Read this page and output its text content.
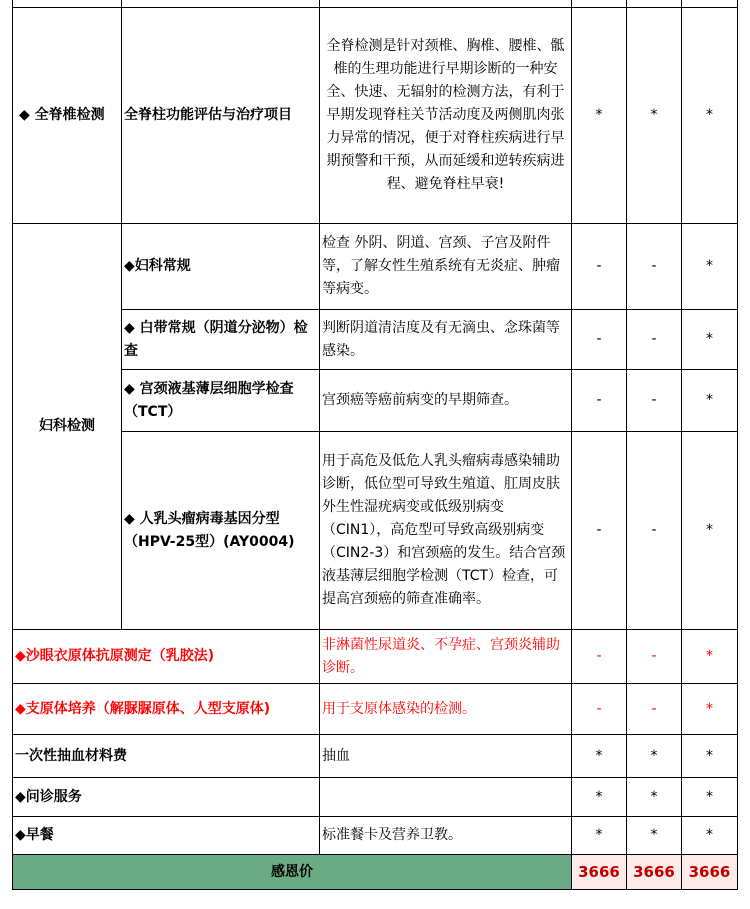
◆ 全脊椎检测	全脊柱功能评估与治疗项目	全脊检测是针对颈椎、胸椎、腰椎、骶椎的生理功能进行早期诊断的一种安全、快速、无辐射的检测方法，有利于早期发现脊柱关节活动度及两侧肌肉张力异常的情况，便于对脊柱疾病进行早期预警和干预，从而延缓和逆转疾病进程、避免脊柱早衰!	*	*	*
妇科检测	◆妇科常规	检查 外阴、阴道、宫颈、子宫及附件等，了解女性生殖系统有无炎症、肿瘤等病变。	-	-	*
	◆ 白带常规（阴道分泌物）检查	判断阴道清洁度及有无滴虫、念珠菌等感染。	-	-	*
	◆ 宫颈液基薄层细胞学检查（TCT）	宫颈癌等癌前病变的早期筛查。	-	-	*
	◆ 人乳头瘤病毒基因分型（HPV-25型）(AY0004)	用于高危及低危人乳头瘤病毒感染辅助诊断，低位型可导致生殖道、肛周皮肤外生性湿疣病变或低级别病变（CIN1），高危型可导致高级别病变（CIN2-3）和宫颈癌的发生。结合宫颈液基薄层细胞学检测（TCT）检查，可提高宫颈癌的筛查准确率。	-	-	*
◆沙眼衣原体抗原测定（乳胶法)		非淋菌性尿道炎、不孕症、宫颈炎辅助诊断。	-	-	*
◆支原体培养（解脲脲原体、人型支原体)		用于支原体感染的检测。	-	-	*
一次性抽血材料费		抽血	*	*	*
◆问诊服务			*	*	*
◆早餐		标准餐卡及营养卫教。	*	*	*
感恩价			3666	3666	3666
